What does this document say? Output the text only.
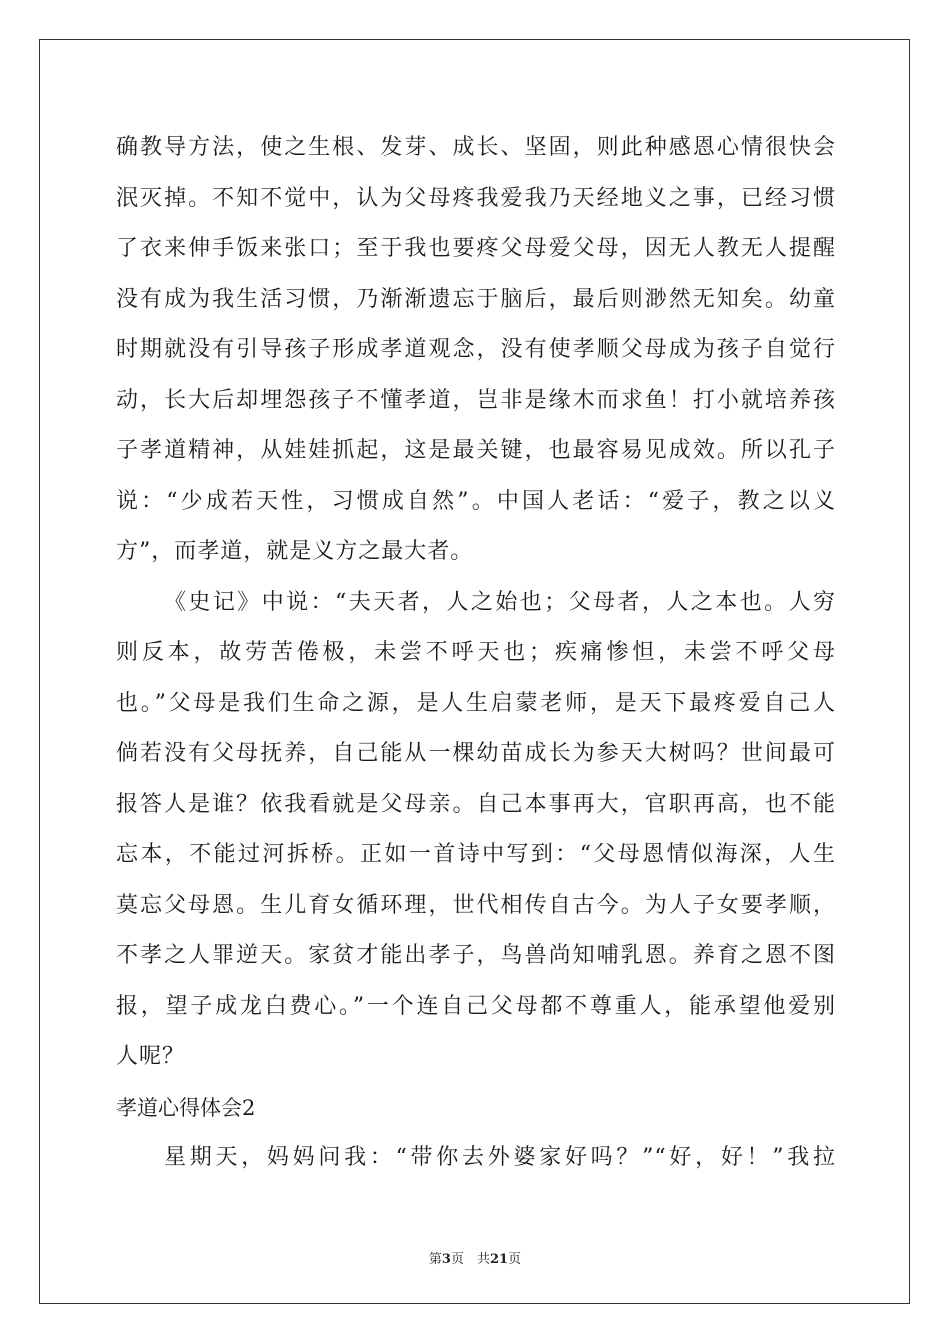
确教导方法，使之生根、发芽、成长、坚固，则此种感恩心情很快会
泯灭掉。不知不觉中，认为父母疼我爱我乃天经地义之事，已经习惯
了衣来伸手饭来张口；至于我也要疼父母爱父母，因无人教无人提醒
没有成为我生活习惯，乃渐渐遗忘于脑后，最后则渺然无知矣。幼童
时期就没有引导孩子形成孝道观念，没有使孝顺父母成为孩子自觉行
动，长大后却埋怨孩子不懂孝道，岂非是缘木而求鱼！打小就培养孩
子孝道精神，从娃娃抓起，这是最关键，也最容易见成效。所以孔子
说：“少成若天性，习惯成自然”。中国人老话：“爱子，教之以义
方”，而孝道，就是义方之最大者。
《史记》中说：“夫天者，人之始也；父母者，人之本也。人穷
则反本，故劳苦倦极，未尝不呼天也；疾痛惨怛，未尝不呼父母
也。”父母是我们生命之源，是人生启蒙老师，是天下最疼爱自己人
倘若没有父母抚养，自己能从一棵幼苗成长为参天大树吗？世间最可
报答人是谁？依我看就是父母亲。自己本事再大，官职再高，也不能
忘本，不能过河拆桥。正如一首诗中写到：“父母恩情似海深，人生
莫忘父母恩。生儿育女循环理，世代相传自古今。为人子女要孝顺，
不孝之人罪逆天。家贫才能出孝子，鸟兽尚知哺乳恩。养育之恩不图
报，望子成龙白费心。”一个连自己父母都不尊重人，能承望他爱别
人呢？
孝道心得体会2
星期天，妈妈问我：“带你去外婆家好吗？”“好，好！”我拉
第3页　共21页
